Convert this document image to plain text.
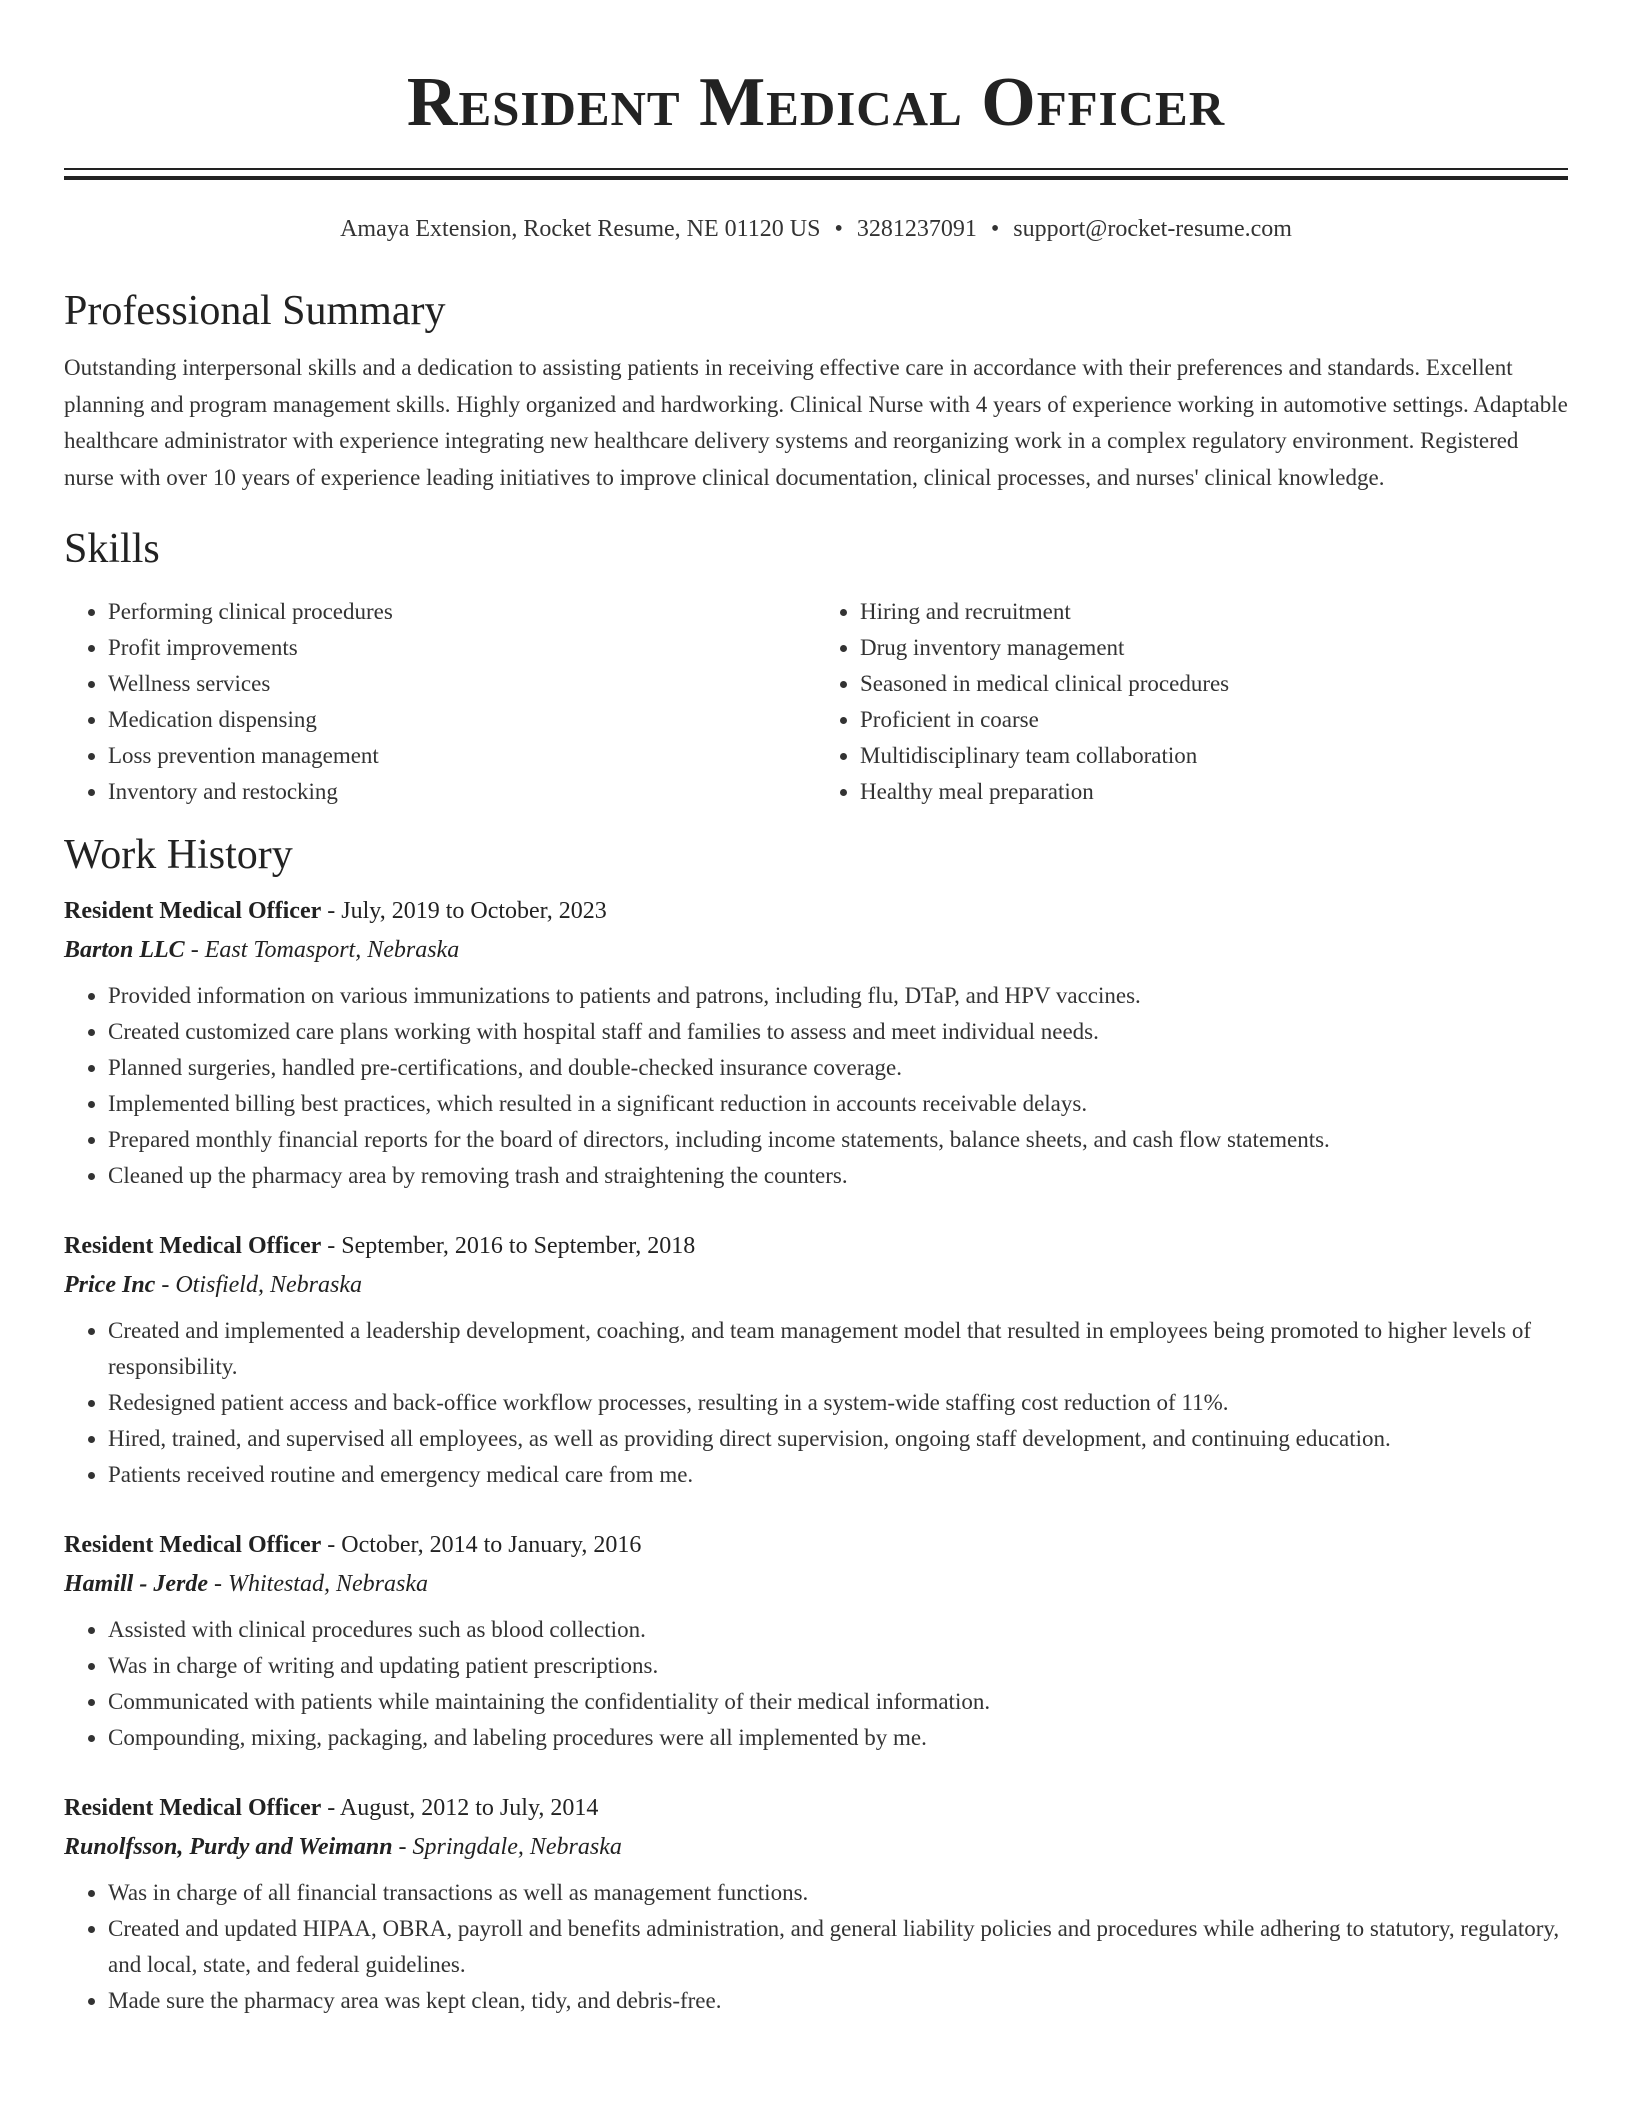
Resident Medical Officer
Amaya Extension, Rocket Resume, NE 01120 US • 3281237091 • support@rocket-resume.com
Professional Summary
Outstanding interpersonal skills and a dedication to assisting patients in receiving effective care in accordance with their preferences and standards. Excellent planning and program management skills. Highly organized and hardworking. Clinical Nurse with 4 years of experience working in automotive settings. Adaptable healthcare administrator with experience integrating new healthcare delivery systems and reorganizing work in a complex regulatory environment. Registered nurse with over 10 years of experience leading initiatives to improve clinical documentation, clinical processes, and nurses' clinical knowledge.
Skills
• Performing clinical procedures
• Profit improvements
• Wellness services
• Medication dispensing
• Loss prevention management
• Inventory and restocking
• Hiring and recruitment
• Drug inventory management
• Seasoned in medical clinical procedures
• Proficient in coarse
• Multidisciplinary team collaboration
• Healthy meal preparation
Work History
Resident Medical Officer - July, 2019 to October, 2023
Barton LLC - East Tomasport, Nebraska
• Provided information on various immunizations to patients and patrons, including flu, DTaP, and HPV vaccines.
• Created customized care plans working with hospital staff and families to assess and meet individual needs.
• Planned surgeries, handled pre-certifications, and double-checked insurance coverage.
• Implemented billing best practices, which resulted in a significant reduction in accounts receivable delays.
• Prepared monthly financial reports for the board of directors, including income statements, balance sheets, and cash flow statements.
• Cleaned up the pharmacy area by removing trash and straightening the counters.
Resident Medical Officer - September, 2016 to September, 2018
Price Inc - Otisfield, Nebraska
• Created and implemented a leadership development, coaching, and team management model that resulted in employees being promoted to higher levels of responsibility.
• Redesigned patient access and back-office workflow processes, resulting in a system-wide staffing cost reduction of 11%.
• Hired, trained, and supervised all employees, as well as providing direct supervision, ongoing staff development, and continuing education.
• Patients received routine and emergency medical care from me.
Resident Medical Officer - October, 2014 to January, 2016
Hamill - Jerde - Whitestad, Nebraska
• Assisted with clinical procedures such as blood collection.
• Was in charge of writing and updating patient prescriptions.
• Communicated with patients while maintaining the confidentiality of their medical information.
• Compounding, mixing, packaging, and labeling procedures were all implemented by me.
Resident Medical Officer - August, 2012 to July, 2014
Runolfsson, Purdy and Weimann - Springdale, Nebraska
• Was in charge of all financial transactions as well as management functions.
• Created and updated HIPAA, OBRA, payroll and benefits administration, and general liability policies and procedures while adhering to statutory, regulatory, and local, state, and federal guidelines.
• Made sure the pharmacy area was kept clean, tidy, and debris-free.
